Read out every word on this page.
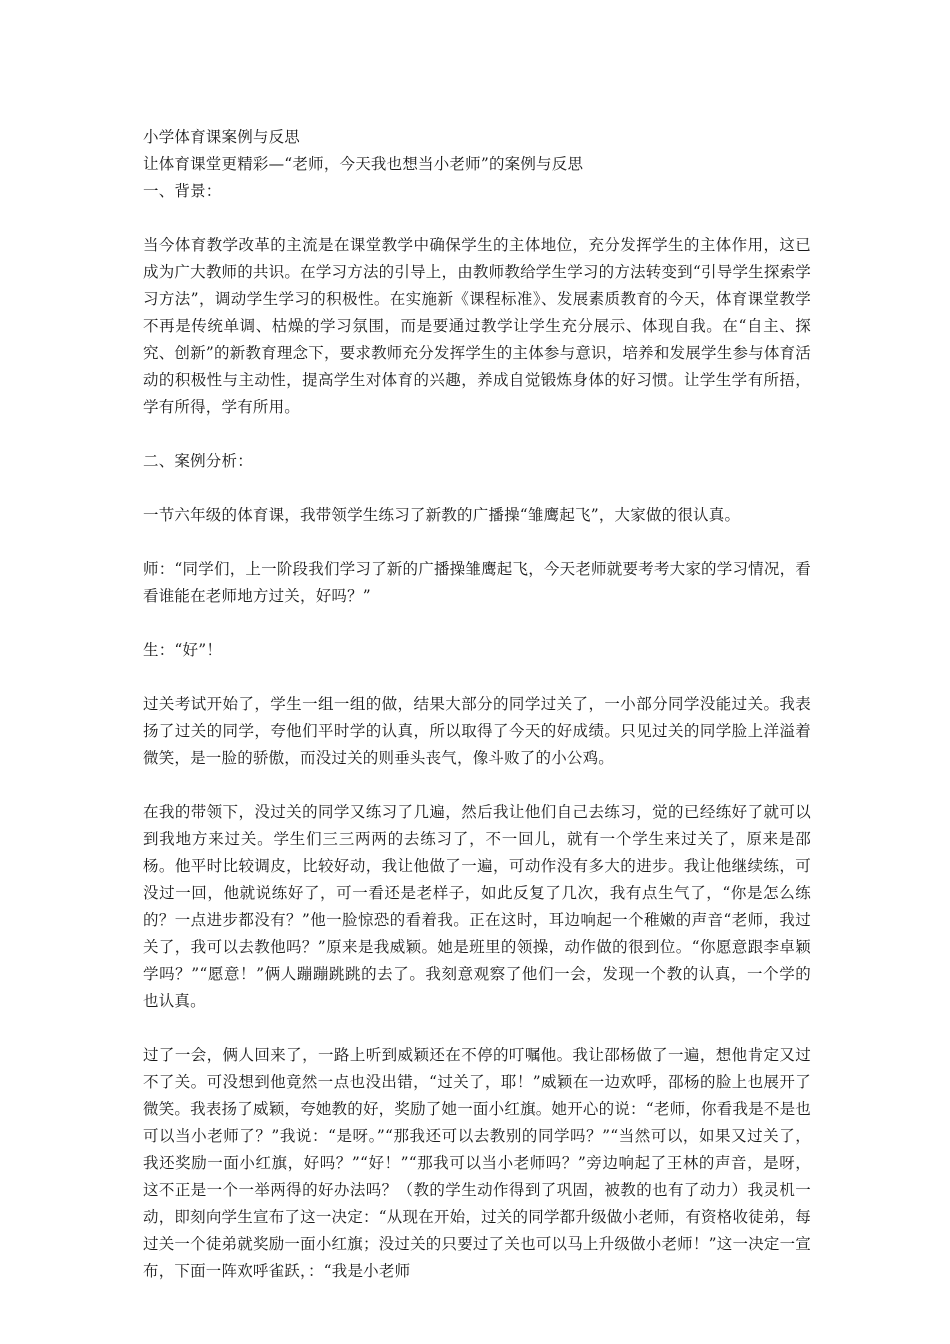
小学体育课案例与反思

让体育课堂更精彩—“老师，今天我也想当小老师”的案例与反思

一、背景：

当今体育教学改革的主流是在课堂教学中确保学生的主体地位，充分发挥学生的主体作用，这已成为广大教师的共识。在学习方法的引导上，由教师教给学生学习的方法转变到“引导学生探索学习方法”，调动学生学习的积极性。在实施新《课程标准》、发展素质教育的今天，体育课堂教学不再是传统单调、枯燥的学习氛围，而是要通过教学让学生充分展示、体现自我。在“自主、探究、创新”的新教育理念下，要求教师充分发挥学生的主体参与意识，培养和发展学生参与体育活动的积极性与主动性，提高学生对体育的兴趣，养成自觉锻炼身体的好习惯。让学生学有所捂，学有所得，学有所用。

二、案例分析：

一节六年级的体育课，我带领学生练习了新教的广播操“雏鹰起飞”，大家做的很认真。

师：“同学们，上一阶段我们学习了新的广播操雏鹰起飞，今天老师就要考考大家的学习情况，看看谁能在老师地方过关，好吗？”

生：“好”！

过关考试开始了，学生一组一组的做，结果大部分的同学过关了，一小部分同学没能过关。我表扬了过关的同学，夸他们平时学的认真，所以取得了今天的好成绩。只见过关的同学脸上洋溢着微笑，是一脸的骄傲，而没过关的则垂头丧气，像斗败了的小公鸡。

在我的带领下，没过关的同学又练习了几遍，然后我让他们自己去练习，觉的已经练好了就可以到我地方来过关。学生们三三两两的去练习了，不一回儿，就有一个学生来过关了，原来是邵杨。他平时比较调皮，比较好动，我让他做了一遍，可动作没有多大的进步。我让他继续练，可没过一回，他就说练好了，可一看还是老样子，如此反复了几次，我有点生气了，“你是怎么练的？一点进步都没有？”他一脸惊恐的看着我。正在这时，耳边响起一个稚嫩的声音“老师，我过关了，我可以去教他吗？”原来是我威颖。她是班里的领操，动作做的很到位。“你愿意跟李卓颖学吗？”“愿意！”俩人蹦蹦跳跳的去了。我刻意观察了他们一会，发现一个教的认真，一个学的也认真。

过了一会，俩人回来了，一路上听到威颖还在不停的叮嘱他。我让邵杨做了一遍，想他肯定又过不了关。可没想到他竟然一点也没出错，“过关了，耶！”威颖在一边欢呼，邵杨的脸上也展开了微笑。我表扬了威颖，夸她教的好，奖励了她一面小红旗。她开心的说：“老师，你看我是不是也可以当小老师了？”我说：“是呀。”“那我还可以去教别的同学吗？”“当然可以，如果又过关了，我还奖励一面小红旗，好吗？”“好！”“那我可以当小老师吗？”旁边响起了王林的声音，是呀，这不正是一个一举两得的好办法吗？（教的学生动作得到了巩固，被教的也有了动力）我灵机一动，即刻向学生宣布了这一决定：“从现在开始，过关的同学都升级做小老师，有资格收徒弟，每过关一个徒弟就奖励一面小红旗；没过关的只要过了关也可以马上升级做小老师！”这一决定一宣布，下面一阵欢呼雀跃，：“我是小老师
